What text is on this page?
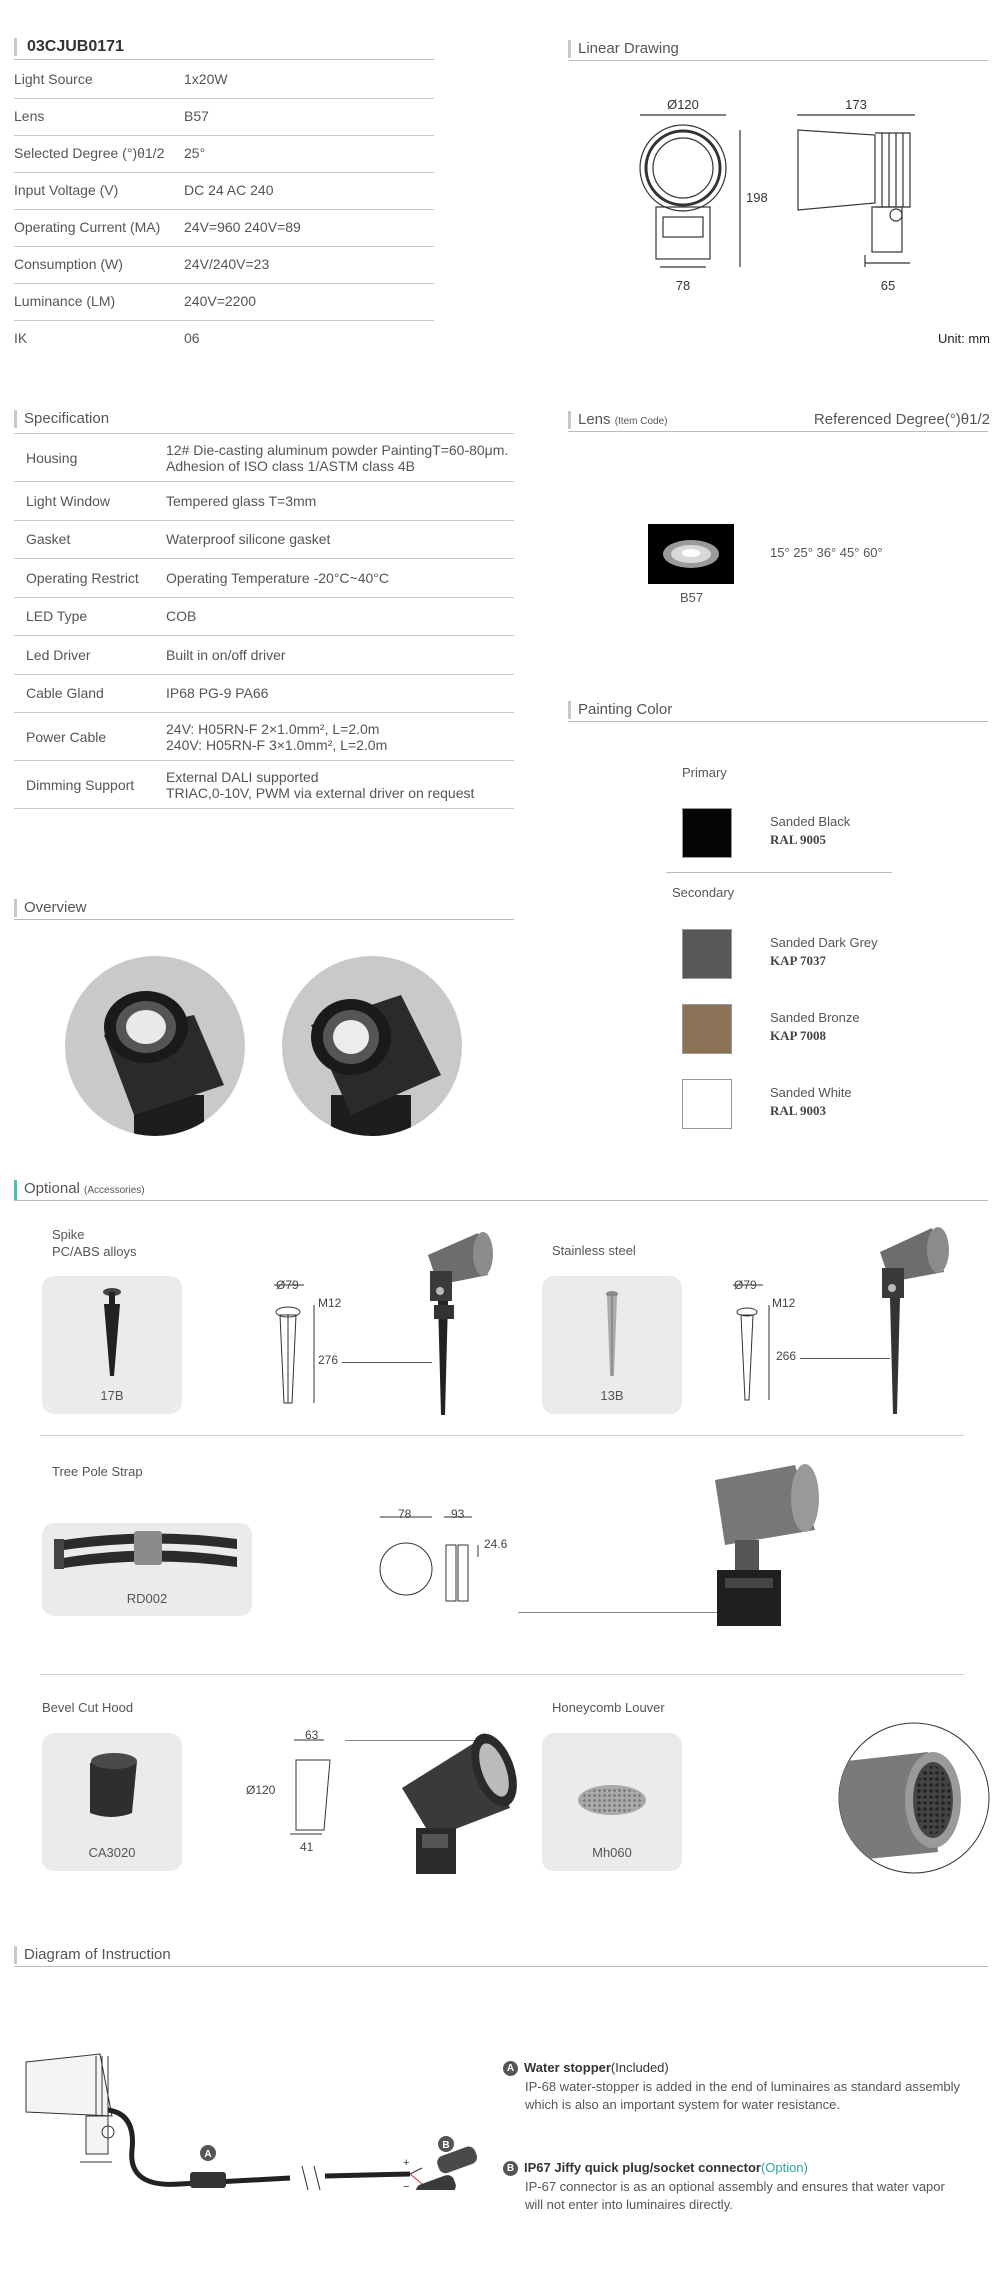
03CJUB0171
Light Source	1x20W
Lens	B57
Selected Degree (°)θ1/2 25°
Input Voltage (V)	DC 24 AC 240
Operating Current (MA) 24V=960 240V=89
Consumption (W)	24V/240V=23
Luminance (LM)	240V=2200
IK	06
Linear Drawing
Ø120	173
198
78	65
Unit: mm
Specification
Housing	12# Die-casting aluminum powder PaintingT=60-80μm.
Adhesion of ISO class 1/ASTM class 4B
Light Window	Tempered glass T=3mm
Gasket	Waterproof silicone gasket
Operating Restrict Operating Temperature -20°C~40°C
LED Type	COB
Led Driver	Built in on/off driver
Cable Gland	IP68 PG-9 PA66
Power Cable	24V: H05RN-F 2×1.0mm², L=2.0m
240V: H05RN-F 3×1.0mm², L=2.0m
Dimming Support External DALI supported
TRIAC,0-10V, PWM via external driver on request
Lens (Item Code)	Referenced Degree(°)θ1/2
B57
15° 25° 36° 45° 60°
Painting Color
Primary
Sanded Black
RAL 9005
Secondary
Sanded Dark Grey
KAP 7037
Sanded Bronze
KAP 7008
Sanded White
RAL 9003
Overview
Optional (Accessories)
Spike
PC/ABS alloys
17B
Ø79
M12
276
Stainless steel
13B
Ø79
M12
266
Tree Pole Strap
RD002
78	93
24.6
Bevel Cut Hood
CA3020
63
Ø120
41
Honeycomb Louver
Mh060
Diagram of Instruction
A
B
+
−
A Water stopper(Included)
IP-68 water-stopper is added in the end of luminaires as standard assembly
which is also an important system for water resistance.
B IP67 Jiffy quick plug/socket connector(Option)
IP-67 connector is as an optional assembly and ensures that water vapor
will not enter into luminaires directly.
